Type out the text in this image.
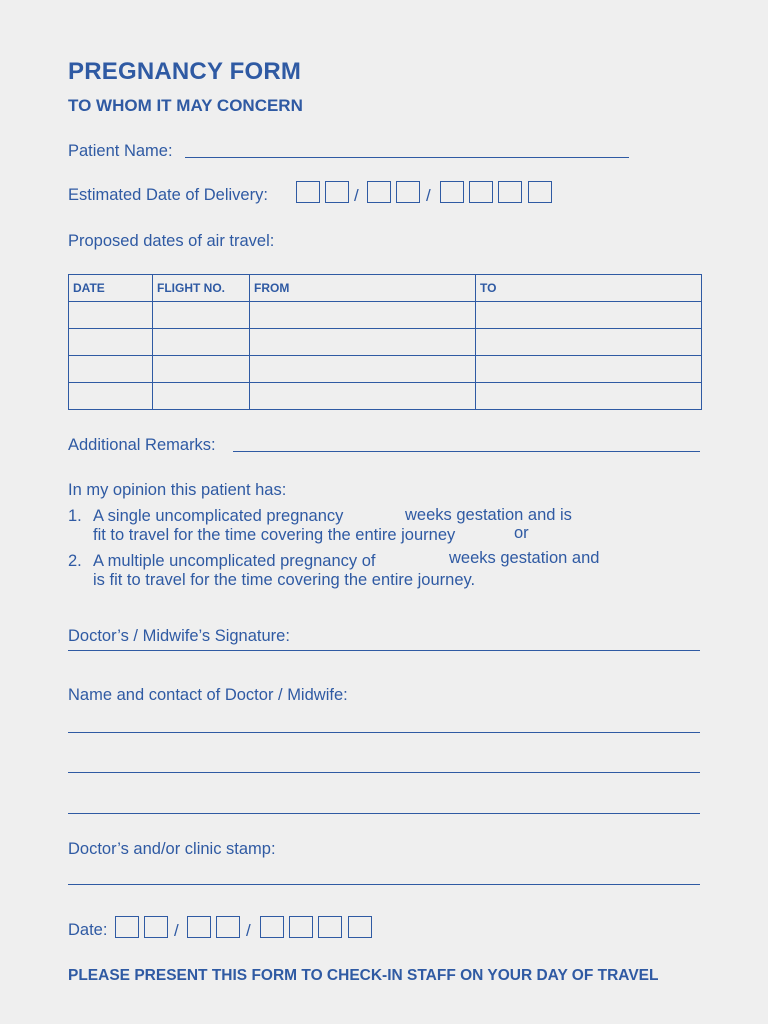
PREGNANCY FORM
TO WHOM IT MAY CONCERN
Patient Name:
Estimated Date of Delivery:	/	/
Proposed dates of air travel:
DATE	FLIGHT NO.	FROM	TO

Additional Remarks:
In my opinion this patient has:
1. A single uncomplicated pregnancy	weeks gestation and is
fit to travel for the time covering the entire journey	or
2. A multiple uncomplicated pregnancy of	weeks gestation and
is fit to travel for the time covering the entire journey.
Doctor’s / Midwife’s Signature:
Name and contact of Doctor / Midwife:
Doctor’s and/or clinic stamp:
Date:	/	/
PLEASE PRESENT THIS FORM TO CHECK-IN STAFF ON YOUR DAY OF TRAVEL
